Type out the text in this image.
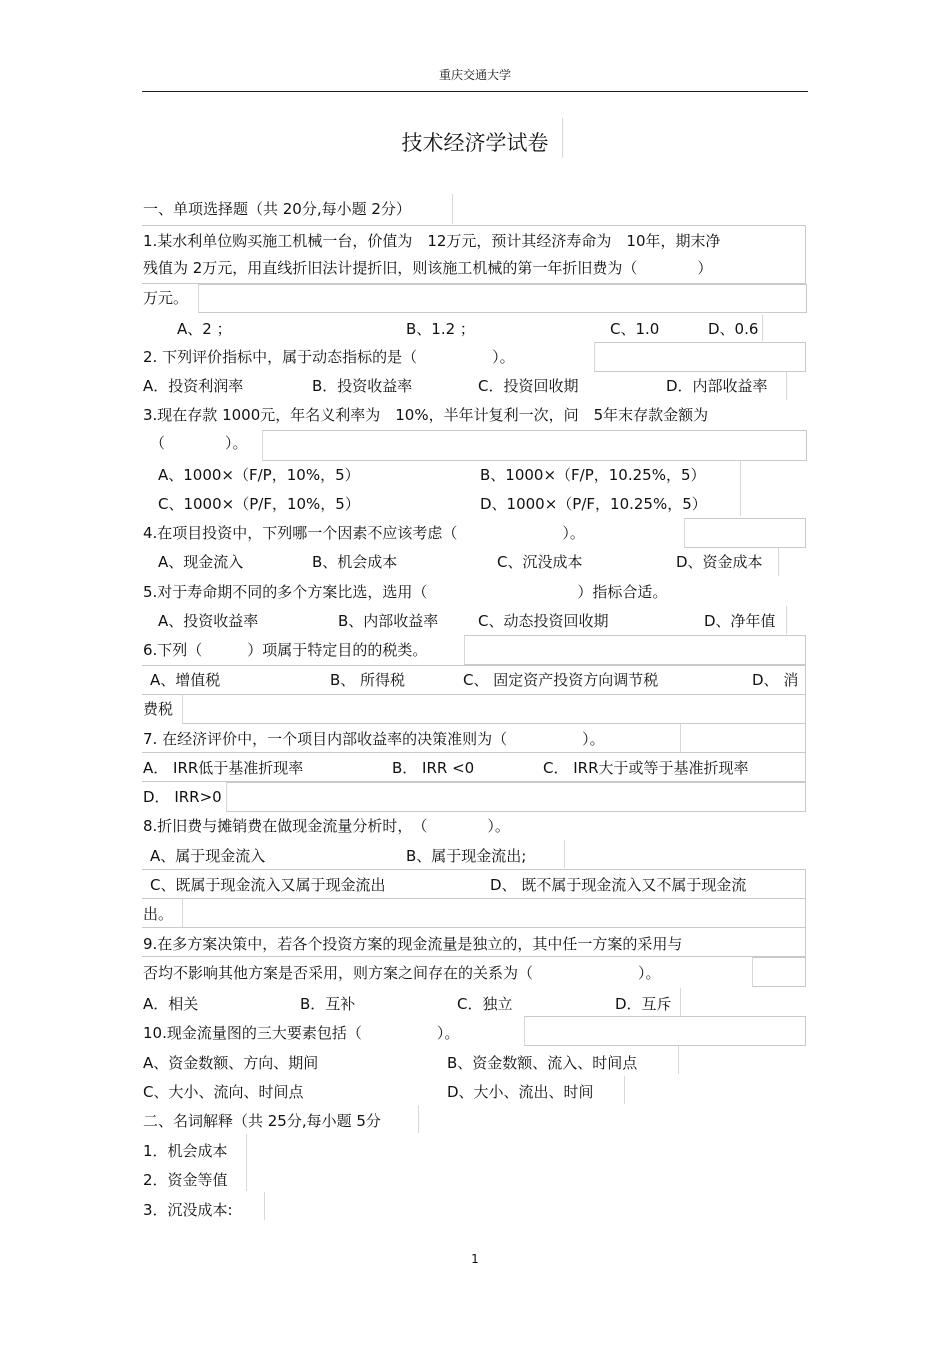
重庆交通大学
技术经济学试卷
一、单项选择题（共 20分,每小题 2分）
1.某水利单位购买施工机械一台，价值为　12万元，预计其经济寿命为　10年，期末净
残值为 2万元，用直线折旧法计提折旧，则该施工机械的第一年折旧费为（　　　　）
万元。
A、2 ；	B、1.2 ；	C、1.0	D、0.6
2. 下列评价指标中，属于动态指标的是（　　　　　）。
A．投资利润率	B．投资收益率	C．投资回收期	D．内部收益率
3.现在存款 1000元，年名义利率为　10%，半年计复利一次，问　5年末存款金额为
（　　　　）。
A、1000×（F/P，10%，5）	B、1000×（F/P，10.25%，5）
C、1000×（P/F，10%，5）	D、1000×（P/F，10.25%，5）
4.在项目投资中，下列哪一个因素不应该考虑（　　　　　　　）。
A、现金流入	B、机会成本	C、沉没成本	D、资金成本
5.对于寿命期不同的多个方案比选，选用（　　　　　　　　　　）指标合适。
A、投资收益率	B、内部收益率	C、动态投资回收期	D、净年值
6.下列（　　　）项属于特定目的的税类。
A、增值税	B、 所得税	C、 固定资产投资方向调节税	D、 消
费税
7. 在经济评价中，一个项目内部收益率的决策准则为（　　　　　）。
A． IRR低于基准折现率	B． IRR <0	C． IRR大于或等于基准折现率
D． IRR>0
8.折旧费与摊销费在做现金流量分析时，　（　　　　）。
A、属于现金流入	B、属于现金流出;
C、既属于现金流入又属于现金流出	D、 既不属于现金流入又不属于现金流
出。
9.在多方案决策中，若各个投资方案的现金流量是独立的，其中任一方案的采用与
否均不影响其他方案是否采用，则方案之间存在的关系为（　　　　　　　）。
A．相关	B．互补	C．独立	D．互斥
10.现金流量图的三大要素包括（　　　　　）。
A、资金数额、方向、期间	B、资金数额、流入、时间点
C、大小、流向、时间点	D、大小、流出、时间
二、名词解释（共 25分,每小题 5分
1．机会成本
2．资金等值
3．沉没成本:
1
